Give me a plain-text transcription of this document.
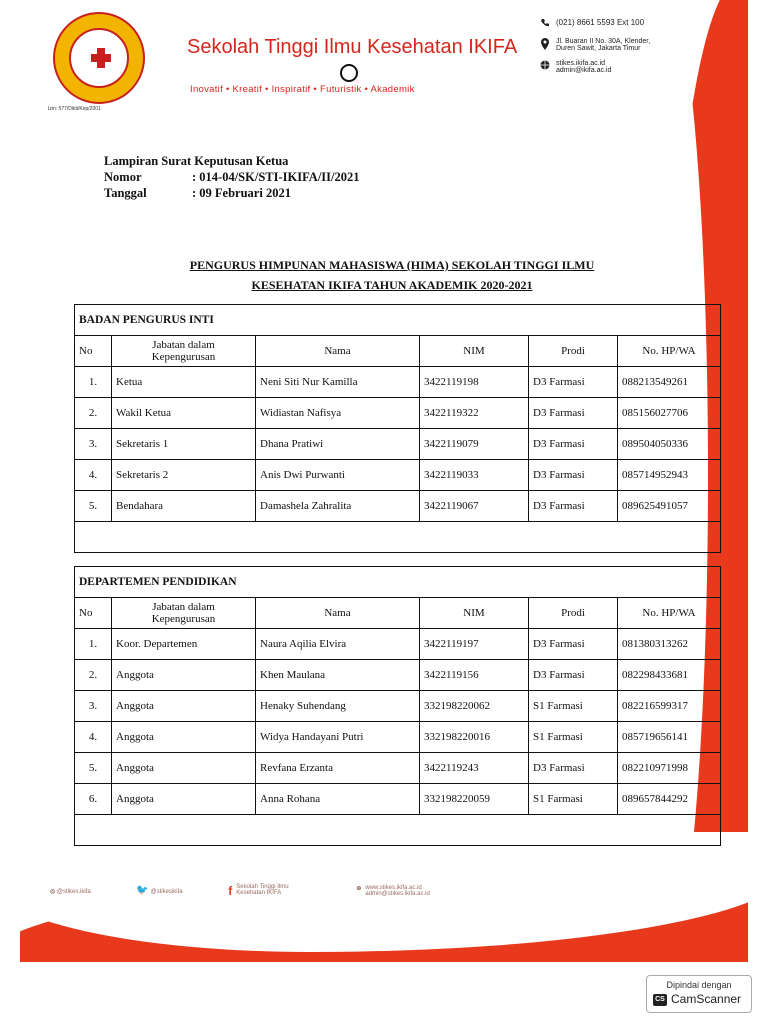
Izin: 577/Dikti/Kep/2001
Sekolah Tinggi Ilmu Kesehatan IKIFA
Inovatif • Kreatif • Inspiratif • Futuristik • Akademik
(021) 8661 5593 Ext 100
Jl. Buaran II No. 30A, Klender,
Duren Sawit, Jakarta Timur
stikes.ikifa.ac.id
admin@ikifa.ac.id
Lampiran Surat Keputusan Ketua
Nomor	: 014-04/SK/STI-IKIFA/II/2021
Tanggal	: 09 Februari 2021
PENGURUS HIMPUNAN MAHASISWA (HIMA) SEKOLAH TINGGI ILMU
KESEHATAN IKIFA TAHUN AKADEMIK 2020-2021
BADAN PENGURUS INTI					
No	Jabatan dalam
Kepengurusan	Nama	NIM	Prodi	No. HP/WA
1.	Ketua	Neni Siti Nur Kamilla	3422119198	D3 Farmasi	088213549261
2.	Wakil Ketua	Widiastan Nafisya	3422119322	D3 Farmasi	085156027706
3.	Sekretaris 1	Dhana Pratiwi	3422119079	D3 Farmasi	089504050336
4.	Sekretaris 2	Anis Dwi Purwanti	3422119033	D3 Farmasi	085714952943
5.	Bendahara	Damashela Zahralita	3422119067	D3 Farmasi	089625491057

DEPARTEMEN PENDIDIKAN					
No	Jabatan dalam
Kepengurusan	Nama	NIM	Prodi	No. HP/WA
1.	Koor. Departemen	Naura Aqilia Elvira	3422119197	D3 Farmasi	081380313262
2.	Anggota	Khen Maulana	3422119156	D3 Farmasi	082298433681
3.	Anggota	Henaky Suhendang	332198220062	S1 Farmasi	082216599317
4.	Anggota	Widya Handayani Putri	332198220016	S1 Farmasi	085719656141
5.	Anggota	Revfana Erzanta	3422119243	D3 Farmasi	082210971998
6.	Anggota	Anna Rohana	332198220059	S1 Farmasi	089657844292

◎ @stikes.ikifa	🐦 @stikesikifa	f Sekolah Tinggi Ilmu
Kesehatan IKIFA

⊕ www.stikes.ikifa.ac.id
admin@stikes.ikifa.ac.id
Dipindai dengan
CS CamScanner
